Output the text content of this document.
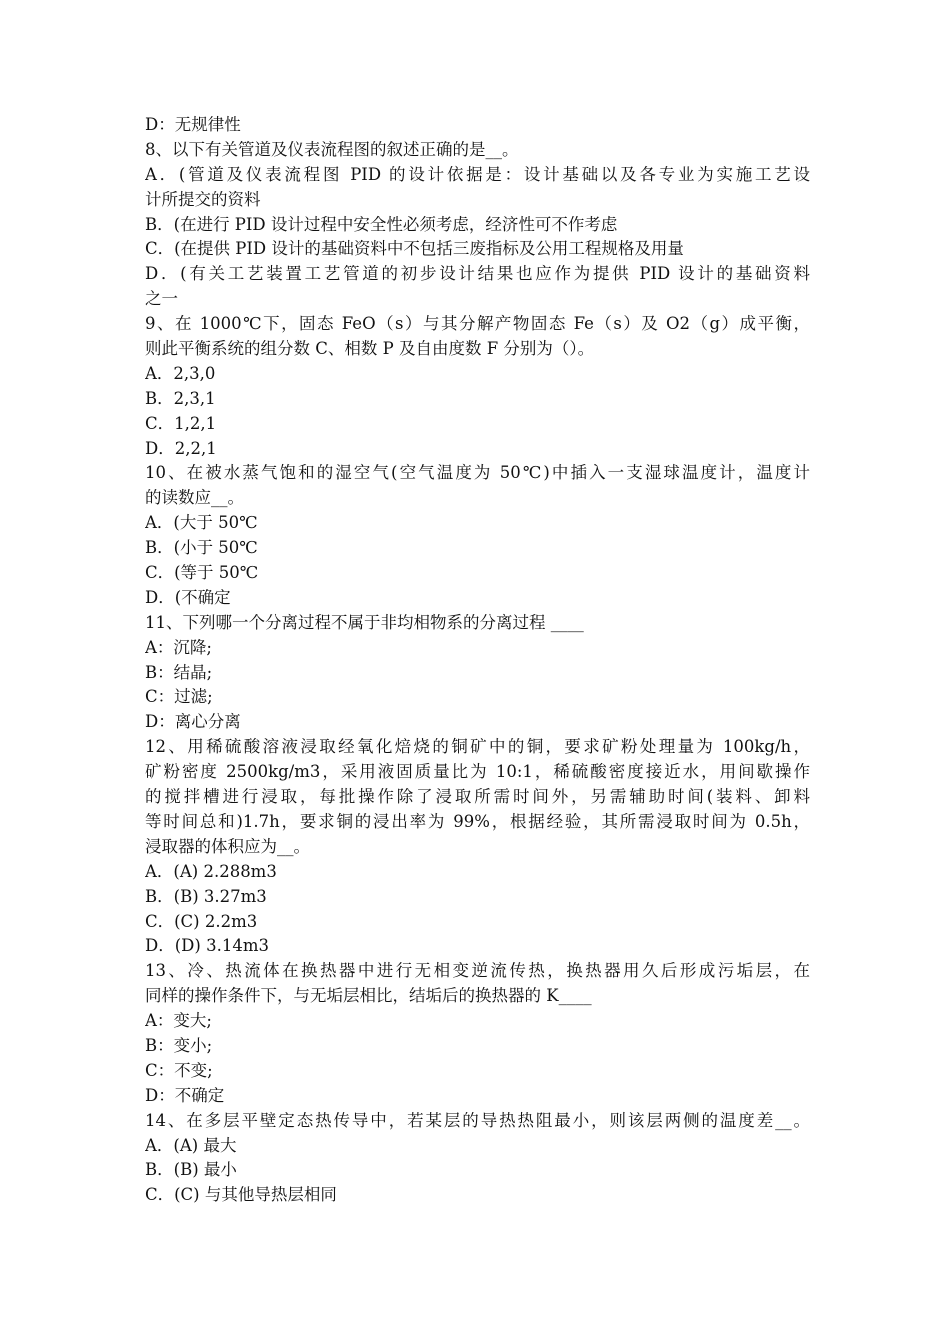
D：无规律性
8、以下有关管道及仪表流程图的叙述正确的是__。
A．(管道及仪表流程图 PID 的设计依据是：设计基础以及各专业为实施工艺设
计所提交的资料
B．(在进行 PID 设计过程中安全性必须考虑，经济性可不作考虑
C．(在提供 PID 设计的基础资料中不包括三废指标及公用工程规格及用量
D．(有关工艺装置工艺管道的初步设计结果也应作为提供 PID 设计的基础资料
之一
9、在 1000℃下，固态 FeO（s）与其分解产物固态 Fe（s）及 O2（g）成平衡，
则此平衡系统的组分数 C、相数 P 及自由度数 F 分别为（）。
A．2,3,0
B．2,3,1
C．1,2,1
D．2,2,1
10、在被水蒸气饱和的湿空气(空气温度为 50℃)中插入一支湿球温度计，温度计
的读数应__。
A．(大于 50℃
B．(小于 50℃
C．(等于 50℃
D．(不确定
11、下列哪一个分离过程不属于非均相物系的分离过程 ____
A：沉降;
B：结晶;
C：过滤;
D：离心分离
12、用稀硫酸溶液浸取经氧化焙烧的铜矿中的铜，要求矿粉处理量为 100kg/h，
矿粉密度 2500kg/m3，采用液固质量比为 10:1，稀硫酸密度接近水，用间歇操作
的搅拌槽进行浸取，每批操作除了浸取所需时间外，另需辅助时间(装料、卸料
等时间总和)1.7h，要求铜的浸出率为 99%，根据经验，其所需浸取时间为 0.5h，
浸取器的体积应为__。
A．(A) 2.288m3
B．(B) 3.27m3
C．(C) 2.2m3
D．(D) 3.14m3
13、冷、热流体在换热器中进行无相变逆流传热，换热器用久后形成污垢层，在
同样的操作条件下，与无垢层相比，结垢后的换热器的 K____
A：变大;
B：变小;
C：不变;
D：不确定
14、在多层平壁定态热传导中，若某层的导热热阻最小，则该层两侧的温度差__。
A．(A) 最大
B．(B) 最小
C．(C) 与其他导热层相同
